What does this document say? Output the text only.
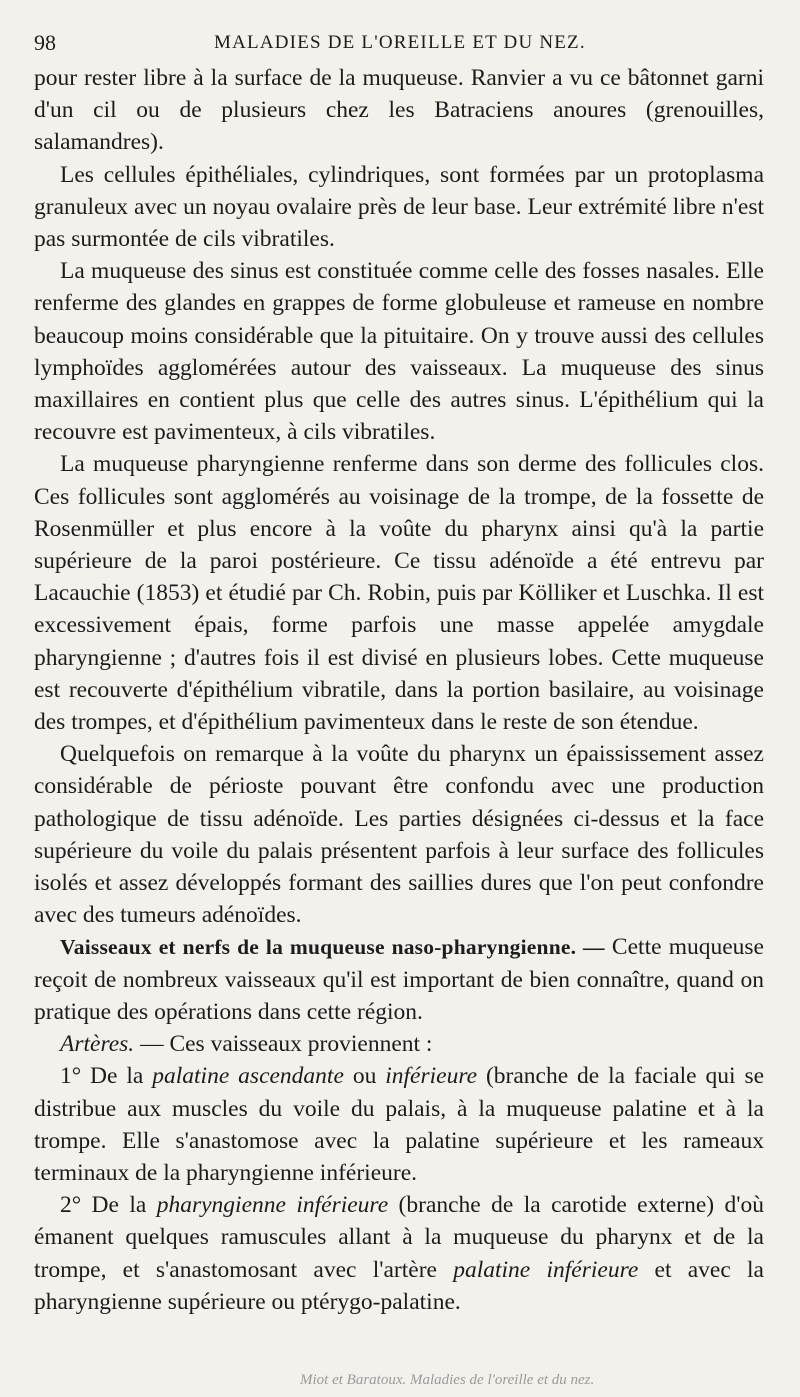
98	MALADIES DE L'OREILLE ET DU NEZ.

pour rester libre à la surface de la muqueuse. Ranvier a vu ce bâtonnet garni d'un cil ou de plusieurs chez les Batraciens anoures (grenouilles, salamandres).

Les cellules épithéliales, cylindriques, sont formées par un protoplasma granuleux avec un noyau ovalaire près de leur base. Leur extrémité libre n'est pas surmontée de cils vibratiles.

La muqueuse des sinus est constituée comme celle des fosses nasales. Elle renferme des glandes en grappes de forme globuleuse et rameuse en nombre beaucoup moins considérable que la pituitaire. On y trouve aussi des cellules lymphoïdes agglomérées autour des vaisseaux. La muqueuse des sinus maxillaires en contient plus que celle des autres sinus. L'épithélium qui la recouvre est pavimenteux, à cils vibratiles.

La muqueuse pharyngienne renferme dans son derme des follicules clos. Ces follicules sont agglomérés au voisinage de la trompe, de la fossette de Rosenmüller et plus encore à la voûte du pharynx ainsi qu'à la partie supérieure de la paroi postérieure. Ce tissu adénoïde a été entrevu par Lacauchie (1853) et étudié par Ch. Robin, puis par Kölliker et Luschka. Il est excessivement épais, forme parfois une masse appelée amygdale pharyngienne ; d'autres fois il est divisé en plusieurs lobes. Cette muqueuse est recouverte d'épithélium vibratile, dans la portion basilaire, au voisinage des trompes, et d'épithélium pavimenteux dans le reste de son étendue.

Quelquefois on remarque à la voûte du pharynx un épaississement assez considérable de périoste pouvant être confondu avec une production pathologique de tissu adénoïde. Les parties désignées ci-dessus et la face supérieure du voile du palais présentent parfois à leur surface des follicules isolés et assez développés formant des saillies dures que l'on peut confondre avec des tumeurs adénoïdes.

Vaisseaux et nerfs de la muqueuse naso-pharyngienne. — Cette muqueuse reçoit de nombreux vaisseaux qu'il est important de bien connaître, quand on pratique des opérations dans cette région.

Artères. — Ces vaisseaux proviennent :

1° De la palatine ascendante ou inférieure (branche de la faciale qui se distribue aux muscles du voile du palais, à la muqueuse palatine et à la trompe. Elle s'anastomose avec la palatine supérieure et les rameaux terminaux de la pharyngienne inférieure.

2° De la pharyngienne inférieure (branche de la carotide externe) d'où émanent quelques ramuscules allant à la muqueuse du pharynx et de la trompe, et s'anastomosant avec l'artère palatine inférieure et avec la pharyngienne supérieure ou ptérygo-palatine.

Miot et Baratoux. Maladies de l'oreille et du nez.
